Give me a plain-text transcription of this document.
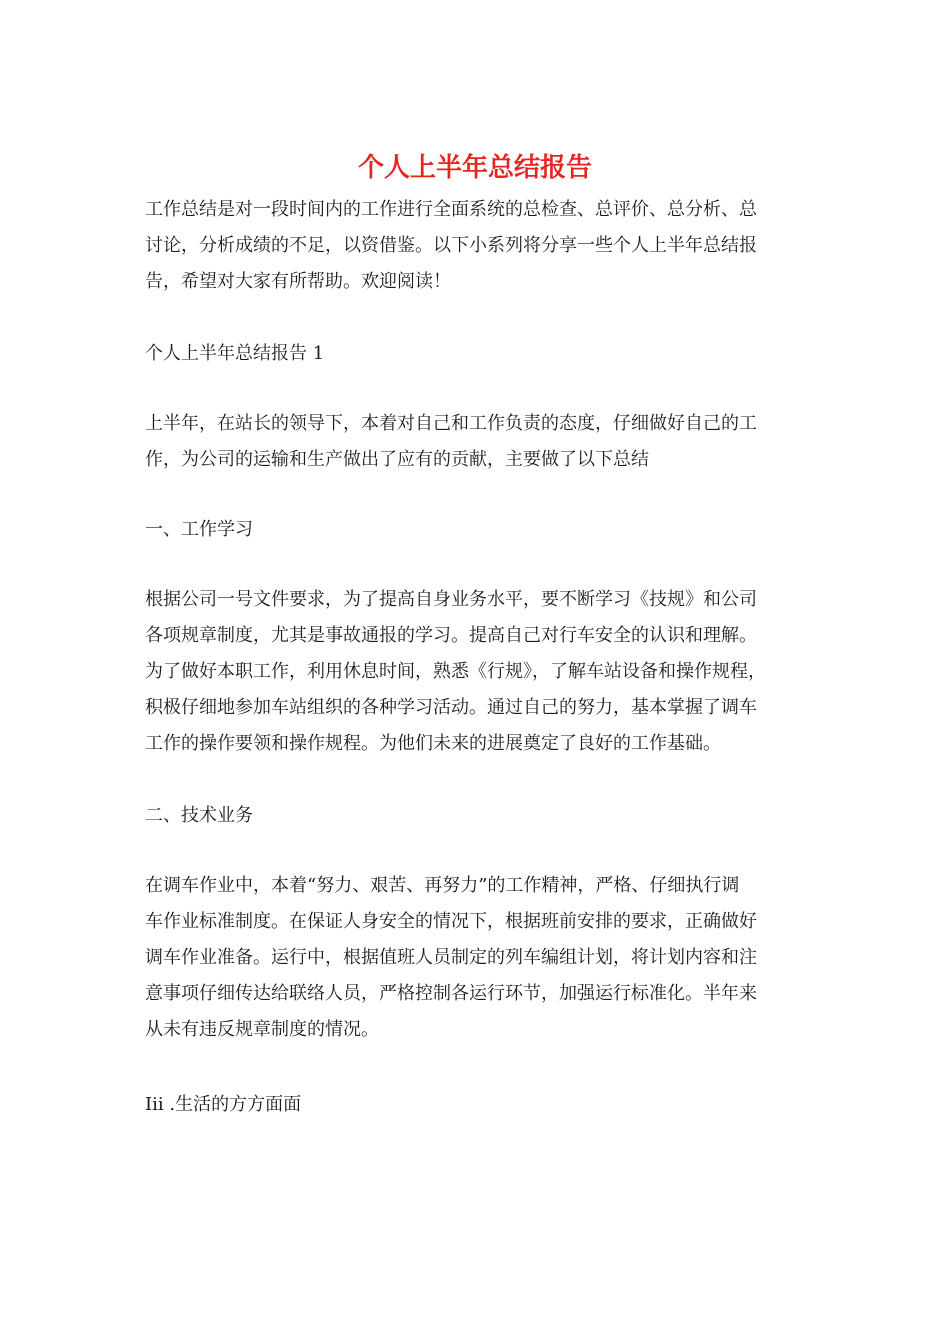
个人上半年总结报告

工作总结是对一段时间内的工作进行全面系统的总检查、总评价、总分析、总
讨论，分析成绩的不足，以资借鉴。以下小系列将分享一些个人上半年总结报
告，希望对大家有所帮助。欢迎阅读！

个人上半年总结报告 1

上半年，在站长的领导下，本着对自己和工作负责的态度，仔细做好自己的工
作，为公司的运输和生产做出了应有的贡献，主要做了以下总结

一、工作学习

根据公司一号文件要求，为了提高自身业务水平，要不断学习《技规》和公司
各项规章制度，尤其是事故通报的学习。提高自己对行车安全的认识和理解。
为了做好本职工作，利用休息时间，熟悉《行规》，了解车站设备和操作规程，
积极仔细地参加车站组织的各种学习活动。通过自己的努力，基本掌握了调车
工作的操作要领和操作规程。为他们未来的进展奠定了良好的工作基础。

二、技术业务

在调车作业中，本着“努力、艰苦、再努力”的工作精神，严格、仔细执行调
车作业标准制度。在保证人身安全的情况下，根据班前安排的要求，正确做好
调车作业准备。运行中，根据值班人员制定的列车编组计划，将计划内容和注
意事项仔细传达给联络人员，严格控制各运行环节，加强运行标准化。半年来
从未有违反规章制度的情况。

Iii .生活的方方面面
